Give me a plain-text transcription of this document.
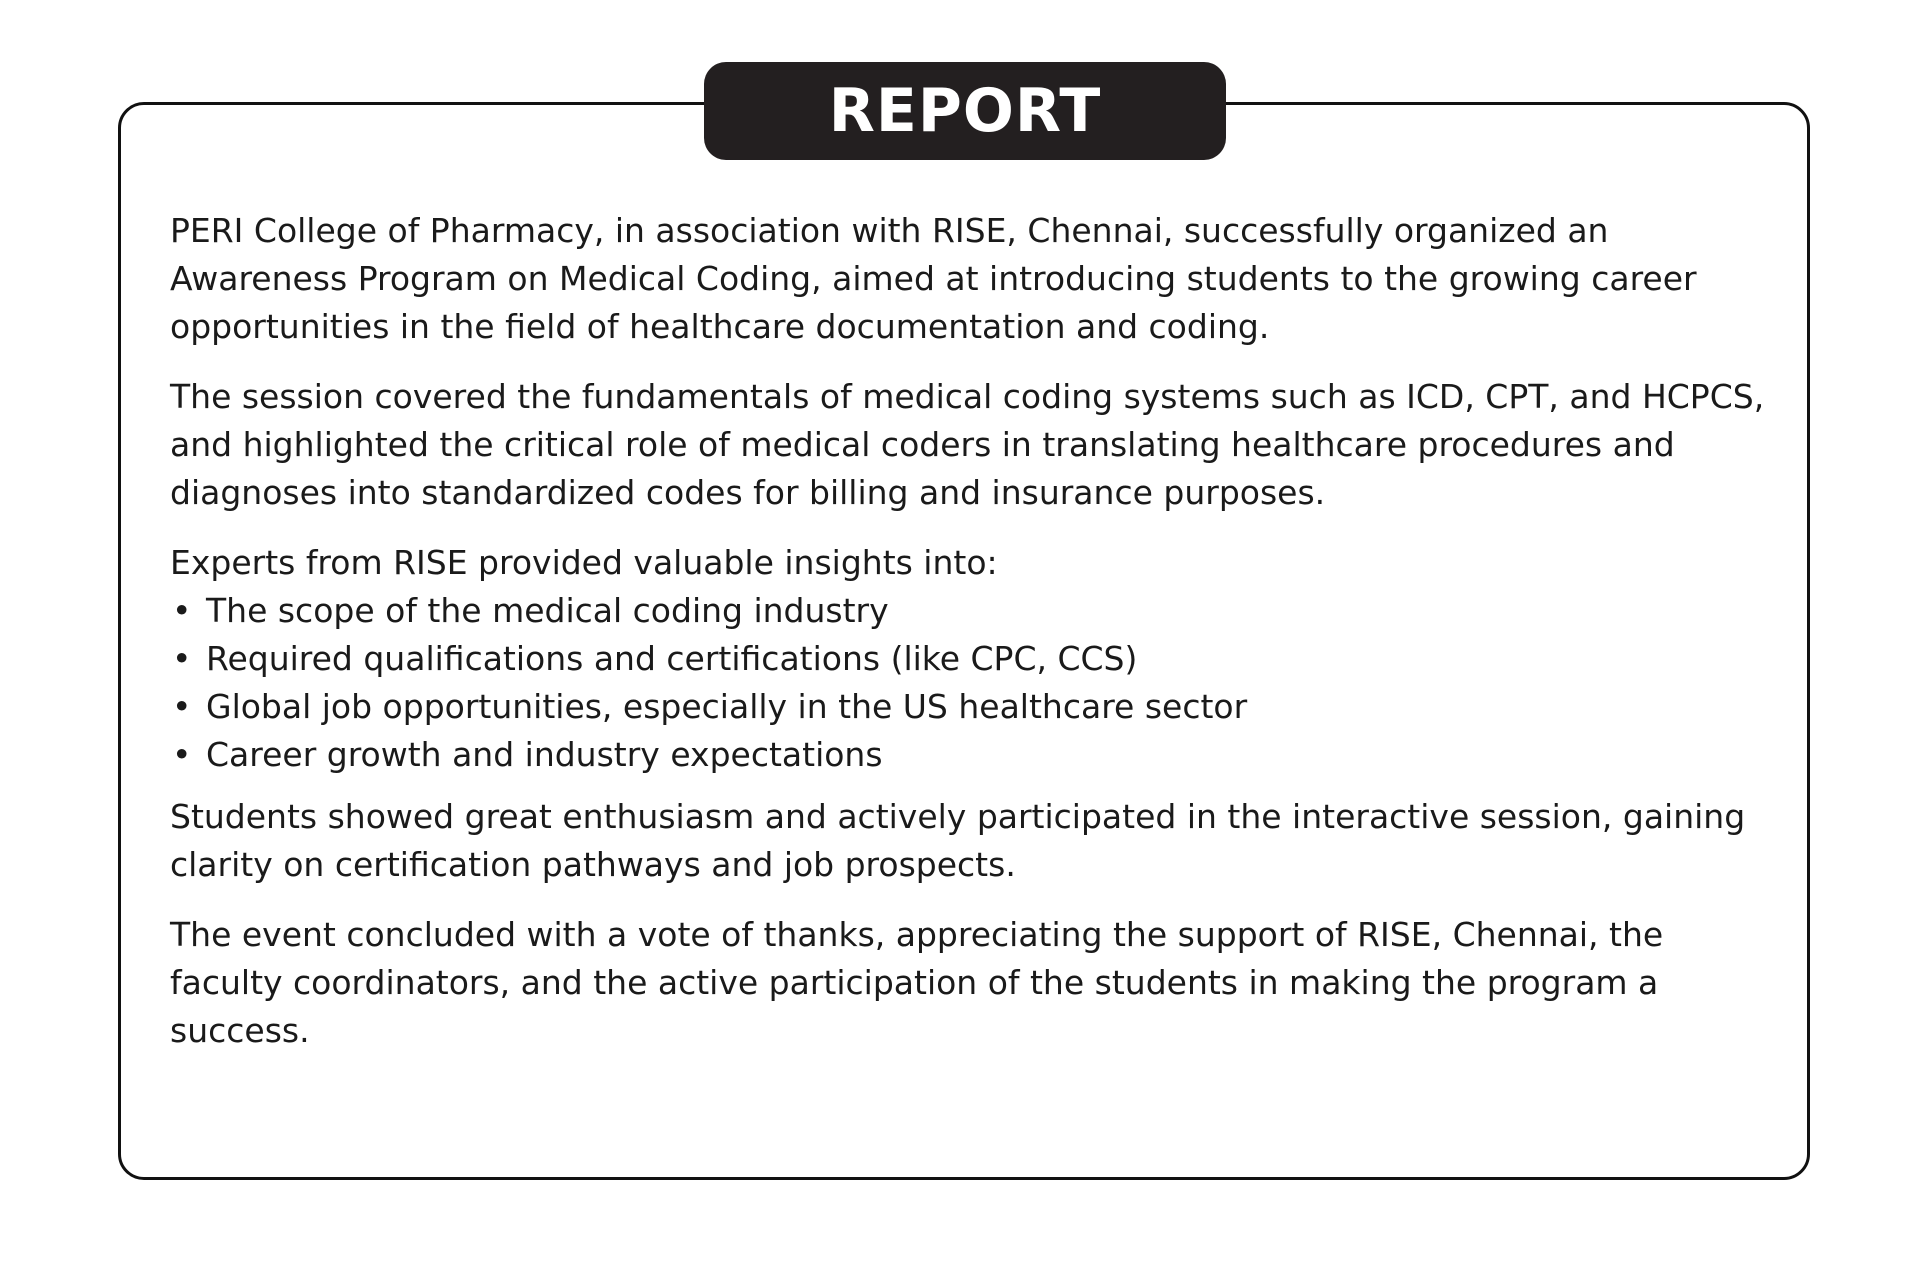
REPORT

PERI College of Pharmacy, in association with RISE, Chennai, successfully organized an Awareness Program on Medical Coding, aimed at introducing students to the growing career opportunities in the field of healthcare documentation and coding.

The session covered the fundamentals of medical coding systems such as ICD, CPT, and HCPCS, and highlighted the critical role of medical coders in translating healthcare procedures and diagnoses into standardized codes for billing and insurance purposes.

Experts from RISE provided valuable insights into:

• The scope of the medical coding industry
• Required qualifications and certifications (like CPC, CCS)
• Global job opportunities, especially in the US healthcare sector
• Career growth and industry expectations

Students showed great enthusiasm and actively participated in the interactive session, gaining clarity on certification pathways and job prospects.

The event concluded with a vote of thanks, appreciating the support of RISE, Chennai, the faculty coordinators, and the active participation of the students in making the program a success.
